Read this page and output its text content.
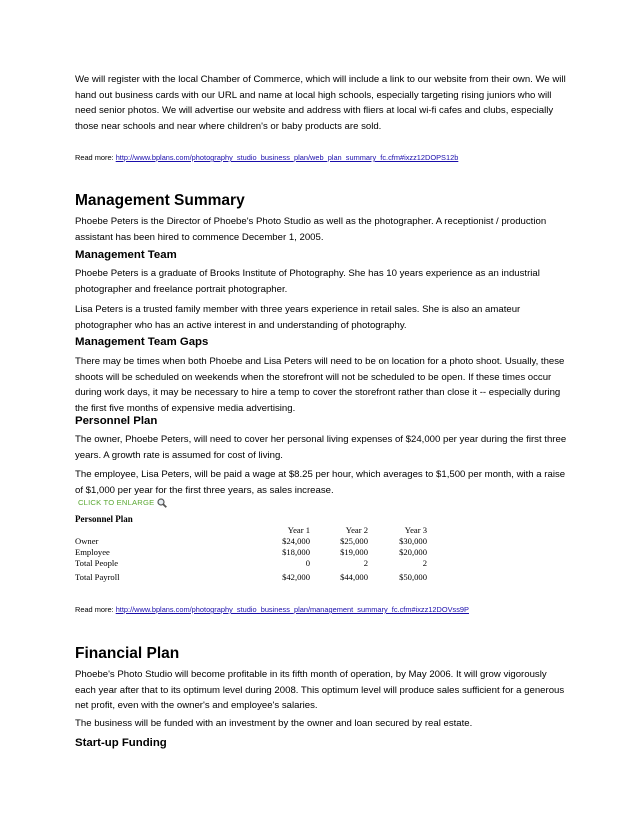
We will register with the local Chamber of Commerce, which will include a link to our website from their own. We will hand out business cards with our URL and name at local high schools, especially targeting rising juniors who will need senior photos. We will advertise our website and address with fliers at local wi-fi cafes and clubs, especially those near schools and near where children's or baby products are sold.

Read more: http://www.bplans.com/photography_studio_business_plan/web_plan_summary_fc.cfm#ixzz12DOPS12b

Management Summary

Phoebe Peters is the Director of Phoebe's Photo Studio as well as the photographer. A receptionist / production assistant has been hired to commence December 1, 2005.

Management Team

Phoebe Peters is a graduate of Brooks Institute of Photography. She has 10 years experience as an industrial photographer and freelance portrait photographer.

Lisa Peters is a trusted family member with three years experience in retail sales. She is also an amateur photographer who has an active interest in and understanding of photography.

Management Team Gaps

There may be times when both Phoebe and Lisa Peters will need to be on location for a photo shoot. Usually, these shoots will be scheduled on weekends when the storefront will not be scheduled to be open. If these times occur during work days, it may be necessary to hire a temp to cover the storefront rather than close it -- especially during the first five months of expensive media advertising.

Personnel Plan

The owner, Phoebe Peters, will need to cover her personal living expenses of $24,000 per year during the first three years. A growth rate is assumed for cost of living.

The employee, Lisa Peters, will be paid a wage at $8.25 per hour, which averages to $1,500 per month, with a raise of $1,000 per year for the first three years, as sales increase.

CLICK TO ENLARGE
Personnel Plan
	Year 1	Year 2	Year 3
Owner	$24,000	$25,000	$30,000
Employee	$18,000	$19,000	$20,000
Total People	0	2	2

Total Payroll	$42,000	$44,000	$50,000

Read more: http://www.bplans.com/photography_studio_business_plan/management_summary_fc.cfm#ixzz12DOVss9P

Financial Plan

Phoebe's Photo Studio will become profitable in its fifth month of operation, by May 2006. It will grow vigorously each year after that to its optimum level during 2008. This optimum level will produce sales sufficient for a generous net profit, even with the owner's and employee's salaries.

The business will be funded with an investment by the owner and loan secured by real estate.

Start-up Funding
